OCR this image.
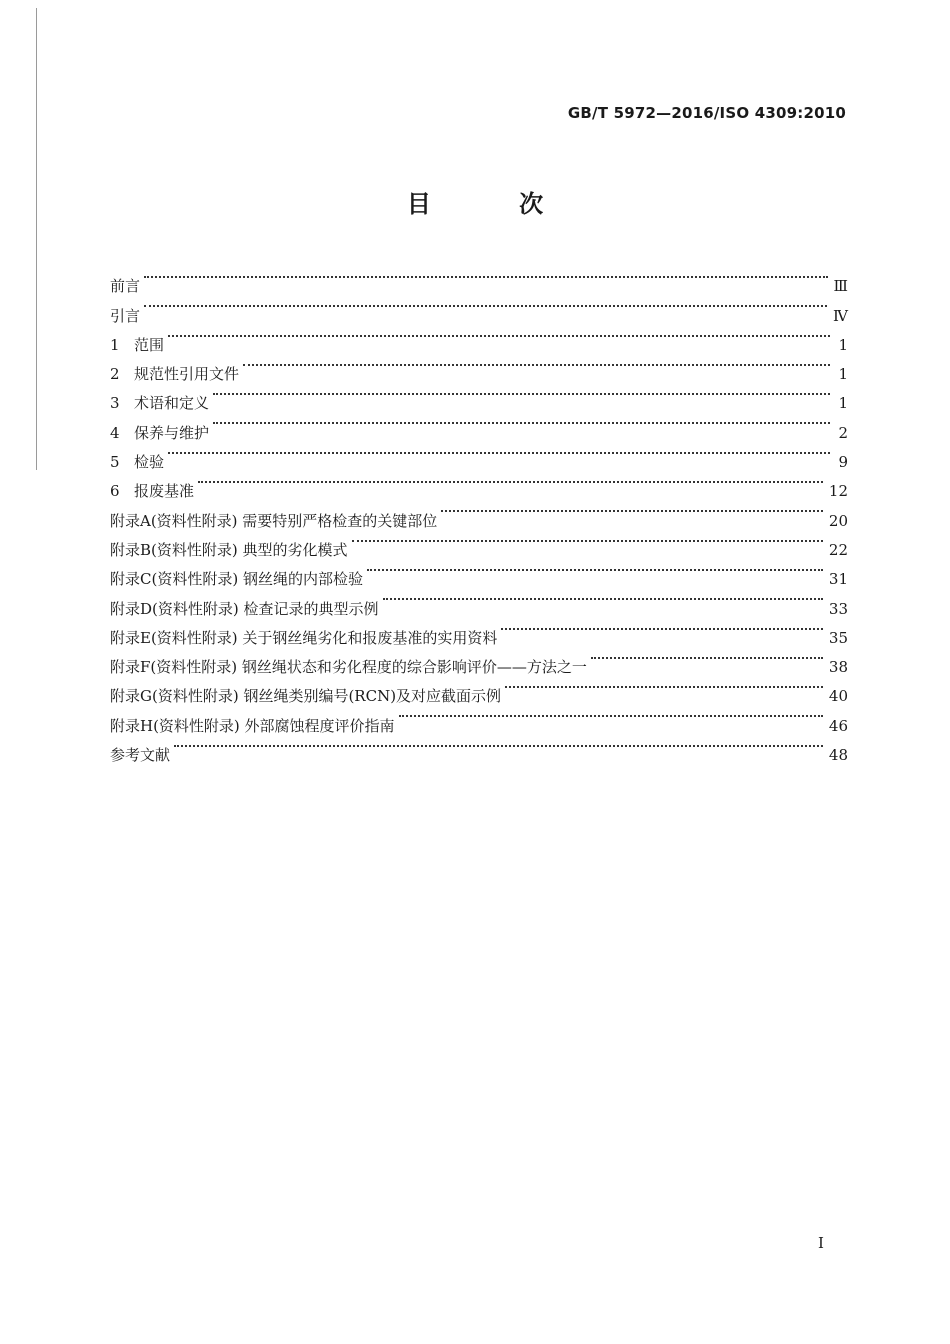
GB/T 5972—2016/ISO 4309:2010
目 次
前言	Ⅲ
引言	Ⅳ
1 范围	1
2 规范性引用文件	1
3 术语和定义	1
4 保养与维护	2
5 检验	9
6 报废基准	12
附录A(资料性附录) 需要特别严格检查的关键部位	20
附录B(资料性附录) 典型的劣化模式	22
附录C(资料性附录) 钢丝绳的内部检验	31
附录D(资料性附录) 检查记录的典型示例	33
附录E(资料性附录) 关于钢丝绳劣化和报废基准的实用资料	35
附录F(资料性附录) 钢丝绳状态和劣化程度的综合影响评价——方法之一	38
附录G(资料性附录) 钢丝绳类别编号(RCN)及对应截面示例	40
附录H(资料性附录) 外部腐蚀程度评价指南	46
参考文献	48
I
